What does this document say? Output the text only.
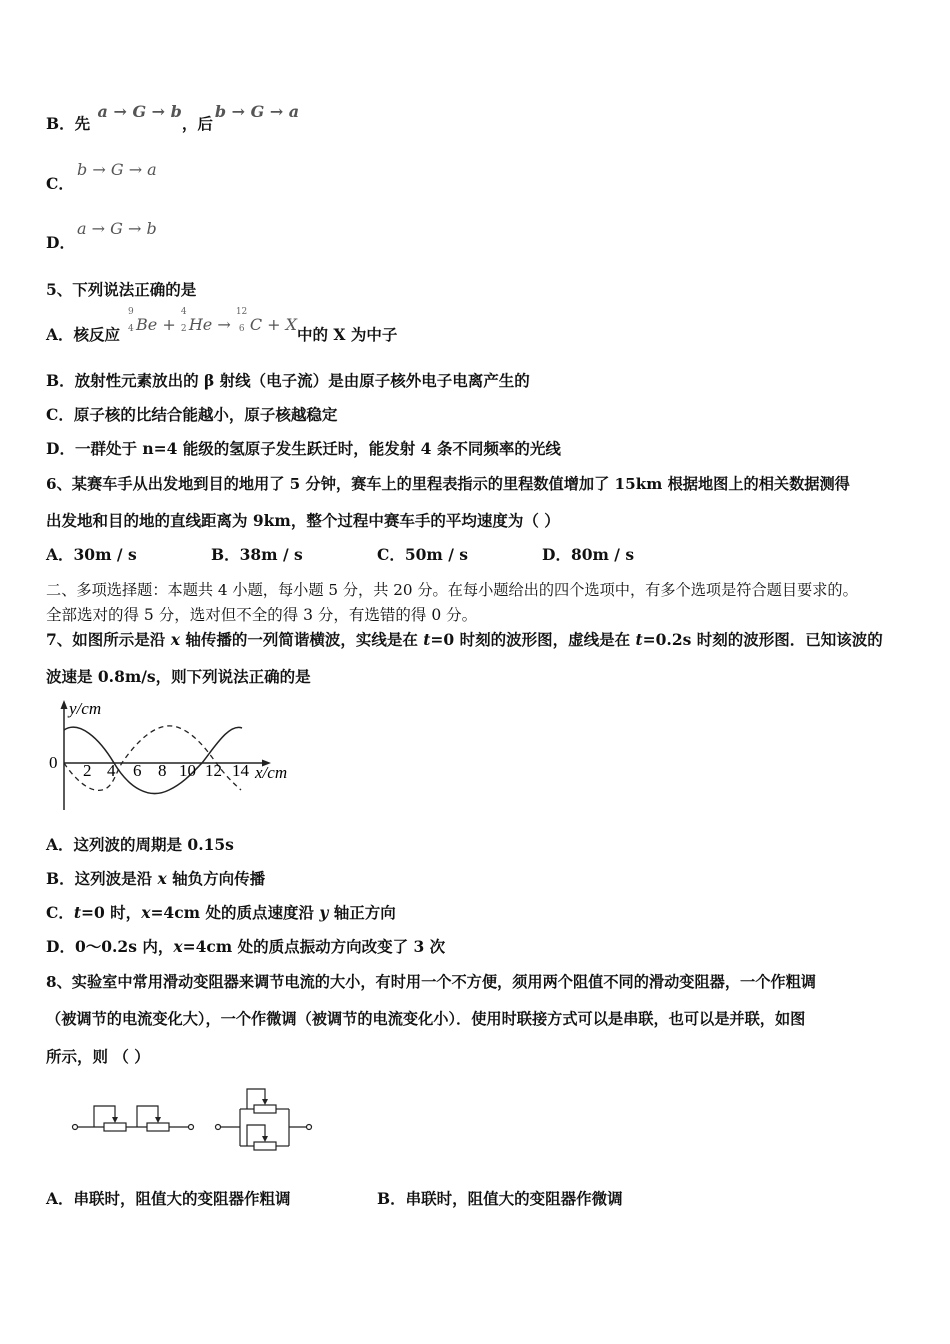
B．先 a → G → b，后b → G → a
C．
b → G → a
D．
a → G → b
5、下列说法正确的是
A．核反应
9
4 Be +
4
2 He →
12
6 C + X
中的 X 为中子
B．放射性元素放出的 β 射线（电子流）是由原子核外电子电离产生的
C．原子核的比结合能越小，原子核越稳定
D．一群处于 n=4 能级的氢原子发生跃迁时，能发射 4 条不同频率的光线
6、某赛车手从出发地到目的地用了 5 分钟，赛车上的里程表指示的里程数值增加了 15km 根据地图上的相关数据测得
出发地和目的地的直线距离为 9km，整个过程中赛车手的平均速度为（ ）
A．30m / s	B．38m / s	C．50m / s	D．80m / s
二、多项选择题：本题共 4 小题，每小题 5 分，共 20 分。在每小题给出的四个选项中，有多个选项是符合题目要求的。
全部选对的得 5 分，选对但不全的得 3 分，有选错的得 0 分。
7、如图所示是沿 x 轴传播的一列简谐横波，实线是在 t=0 时刻的波形图，虚线是在 t=0.2s 时刻的波形图．已知该波的
波速是 0.8m/s，则下列说法正确的是
y/cm
x/cm
0 2 4 6 8 10 12 14
A．这列波的周期是 0.15s
B．这列波是沿 x 轴负方向传播
C．t=0 时，x=4cm 处的质点速度沿 y 轴正方向
D．0～0.2s 内，x=4cm 处的质点振动方向改变了 3 次
8、实验室中常用滑动变阻器来调节电流的大小，有时用一个不方便，须用两个阻值不同的滑动变阻器，一个作粗调
（被调节的电流变化大），一个作微调（被调节的电流变化小）．使用时联接方式可以是串联，也可以是并联，如图
所示，则 （ ）
A．串联时，阻值大的变阻器作粗调	B．串联时，阻值大的变阻器作微调
